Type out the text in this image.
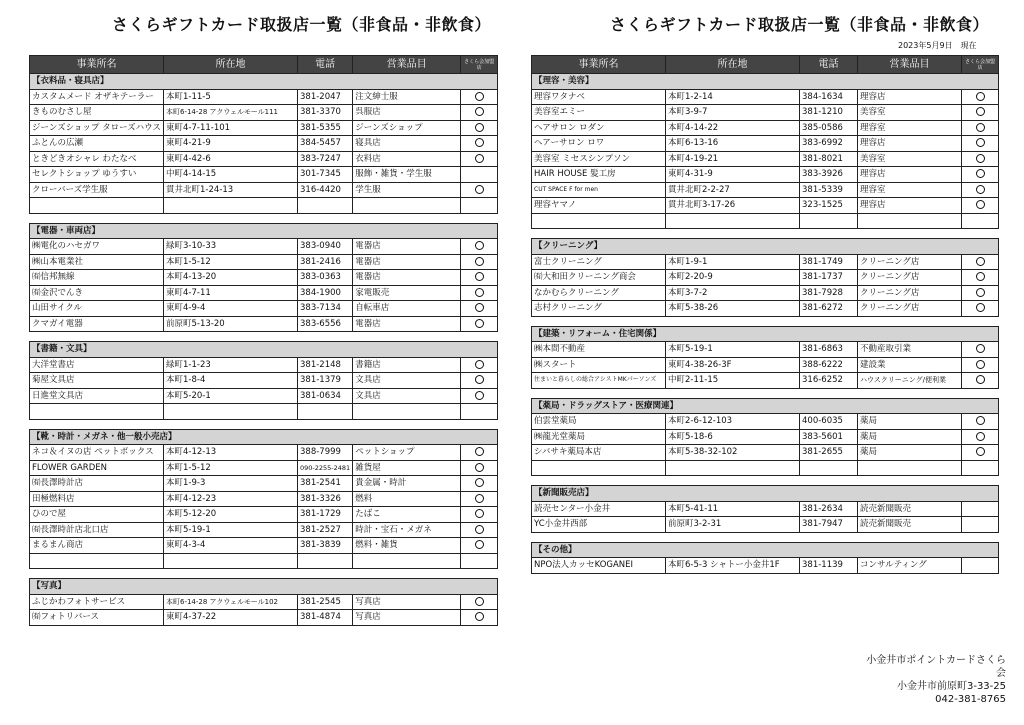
さくらギフトカード取扱店一覧（非食品・非飲食）	さくらギフトカード取扱店一覧（非食品・非飲食）
2023年5月9日　現在
事業所名	所在地	電話	営業品目	さくら会加盟店
【衣料品・寝具店】				
カスタムメード オザキテーラー	本町1-11-5	381-2047	注文紳士服	
きものむさし屋	本町6-14-28 アクウェルモール111	381-3370	呉服店	
ジーンズショップ タローズハウス	東町4-7-11-101	381-5355	ジーンズショップ	
ふとんの広瀬	東町4-21-9	384-5457	寝具店	
ときどきオシャレ わたなべ	東町4-42-6	383-7247	衣料店	
セレクトショップ ゆうすい	中町4-14-15	301-7345	服飾・雑貨・学生服	
クローバーズ学生服	貫井北町1-24-13	316-4420	学生服	

【電器・車両店】				
㈱電化のハセガワ	緑町3-10-33	383-0940	電器店	
㈱山本電業社	本町1-5-12	381-2416	電器店	
㈲信邦無線	本町4-13-20	383-0363	電器店	
㈲金沢でんき	東町4-7-11	384-1900	家電販売	
山田サイクル	東町4-9-4	383-7134	自転車店	
クマガイ電器	前原町5-13-20	383-6556	電器店	

【書籍・文具】				
大洋堂書店	緑町1-1-23	381-2148	書籍店	
菊屋文具店	本町1-8-4	381-1379	文具店	
日進堂文具店	本町5-20-1	381-0634	文具店	

【靴・時計・メガネ・他一般小売店】				
ネコ＆イヌの店 ペットボックス	本町4-12-13	388-7999	ペットショップ	
FLOWER GARDEN	本町1-5-12	090-2255-2481	雑貨屋	
㈲長澤時計店	本町1-9-3	381-2541	貴金属・時計	
田極燃料店	本町4-12-23	381-3326	燃料	
ひので屋	本町5-12-20	381-1729	たばこ	
㈲長澤時計店北口店	本町5-19-1	381-2527	時計・宝石・メガネ	
まるまん商店	東町4-3-4	381-3839	燃料・雑貨	

【写真】				
ふじかわフォトサービス	本町6-14-28 アクウェルモール102	381-2545	写真店	
㈲フォトリバース	東町4-37-22	381-4874	写真店	
事業所名	所在地	電話	営業品目	さくら会加盟店
【理容・美容】				
理容ワタナベ	本町1-2-14	384-1634	理容店	
美容室エミー	本町3-9-7	381-1210	美容室	
ヘアサロン ロダン	本町4-14-22	385-0586	理容室	
ヘアーサロン ロワ	本町6-13-16	383-6992	理容店	
美容室 ミセスシンプソン	本町4-19-21	381-8021	美容室	
HAIR HOUSE 髪工房	東町4-31-9	383-3926	理容店	
CUT SPACE F for men	貫井北町2-2-27	381-5339	理容室	
理容ヤマノ	貫井北町3-17-26	323-1525	理容店	

【クリーニング】				
富士クリーニング	本町1-9-1	381-1749	クリーニング店	
㈲大和田クリーニング商会	本町2-20-9	381-1737	クリーニング店	
なかむらクリーニング	本町3-7-2	381-7928	クリーニング店	
志村クリーニング	本町5-38-26	381-6272	クリーニング店	

【建築・リフォーム・住宅関係】				
㈱本間不動産	本町5-19-1	381-6863	不動産取引業	
㈱スタート	東町4-38-26-3F	388-6222	建設業	
住まいと暮らしの総合アシストMKパーソンズ	中町2-11-15	316-6252	ハウスクリーニング/便利業	

【薬局・ドラッグストア・医療関連】				
伯雲堂薬局	本町2-6-12-103	400-6035	薬局	
㈱龍光堂薬局	本町5-18-6	383-5601	薬局	
シバサキ薬局本店	本町5-38-32-102	381-2655	薬局	

【新聞販売店】				
読売センター小金井	本町5-41-11	381-2634	読売新聞販売	
YC小金井西部	前原町3-2-31	381-7947	読売新聞販売	

【その他】				
NPO法人カッセKOGANEI	本町6-5-3 シャトー小金井1F	381-1139	コンサルティング	
小金井市ポイントカードさくら会
小金井市前原町3-33-25
042-381-8765
